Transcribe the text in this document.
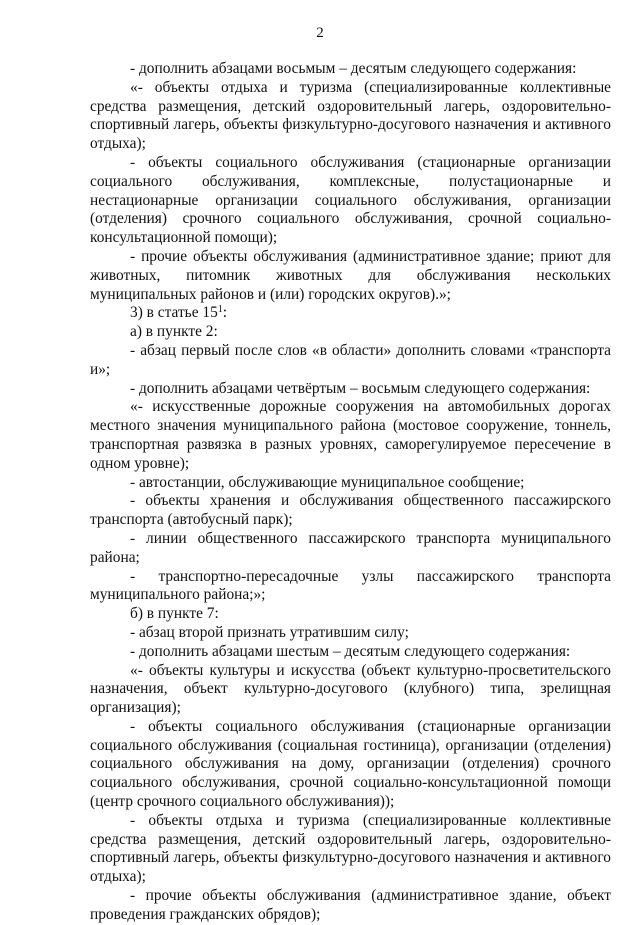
2

- дополнить абзацами восьмым – десятым следующего содержания:

«- объекты отдыха и туризма (специализированные коллективные средства размещения, детский оздоровительный лагерь, оздоровительно-спортивный лагерь, объекты физкультурно-досугового назначения и активного отдыха);

- объекты социального обслуживания (стационарные организации социального обслуживания, комплексные, полустационарные и нестационарные организации социального обслуживания, организации (отделения) срочного социального обслуживания, срочной социально-консультационной помощи);

- прочие объекты обслуживания (административное здание; приют для животных, питомник животных для обслуживания нескольких муниципальных районов и (или) городских округов).»;

3) в статье $15^1$:

а) в пункте 2:

- абзац первый после слов «в области» дополнить словами «транспорта и»;

- дополнить абзацами четвёртым – восьмым следующего содержания:

«- искусственные дорожные сооружения на автомобильных дорогах местного значения муниципального района (мостовое сооружение, тоннель, транспортная развязка в разных уровнях, саморегулируемое пересечение в одном уровне);

- автостанции, обслуживающие муниципальное сообщение;

- объекты хранения и обслуживания общественного пассажирского транспорта (автобусный парк);

- линии общественного пассажирского транспорта муниципального района;

- транспортно-пересадочные узлы пассажирского транспорта муниципального района;»;

б) в пункте 7:

- абзац второй признать утратившим силу;

- дополнить абзацами шестым – десятым следующего содержания:

«- объекты культуры и искусства (объект культурно-просветительского назначения, объект культурно-досугового (клубного) типа, зрелищная организация);

- объекты социального обслуживания (стационарные организации социального обслуживания (социальная гостиница), организации (отделения) социального обслуживания на дому, организации (отделения) срочного социального обслуживания, срочной социально-консультационной помощи (центр срочного социального обслуживания));

- объекты отдыха и туризма (специализированные коллективные средства размещения, детский оздоровительный лагерь, оздоровительно-спортивный лагерь, объекты физкультурно-досугового назначения и активного отдыха);

- прочие объекты обслуживания (административное здание, объект проведения гражданских обрядов);
